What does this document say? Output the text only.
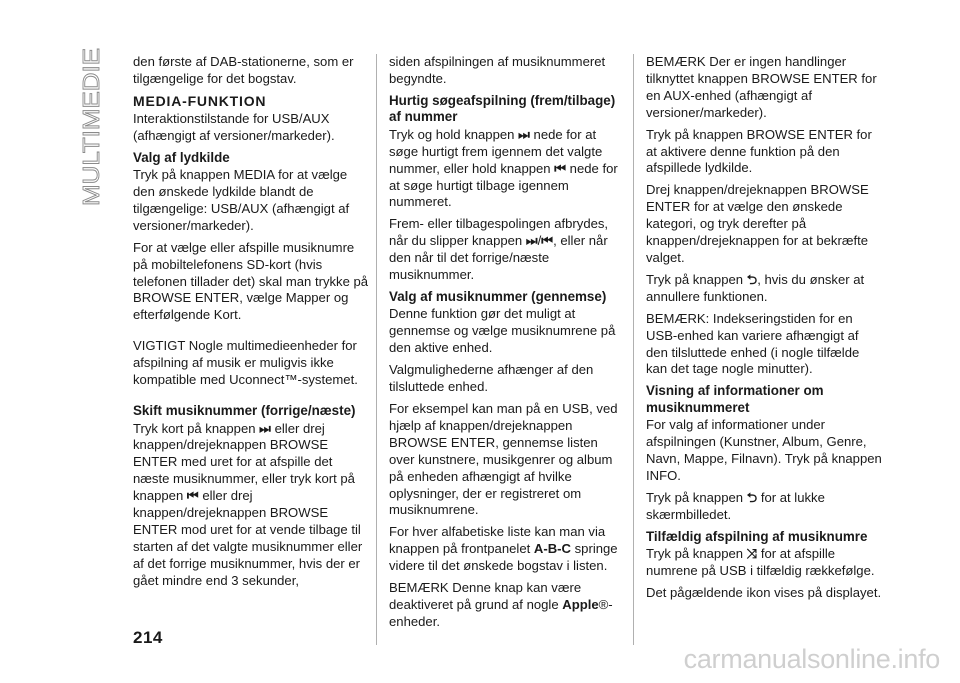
MULTIMEDIE

den første af DAB-stationerne, som er tilgængelige for det bogstav.

MEDIA-FUNKTION

Interaktionstilstande for USB/AUX (afhængigt af versioner/markeder).

Valg af lydkilde

Tryk på knappen MEDIA for at vælge den ønskede lydkilde blandt de tilgængelige: USB/AUX (afhængigt af versioner/markeder).

For at vælge eller afspille musiknumre på mobiltelefonens SD-kort (hvis telefonen tillader det) skal man trykke på BROWSE ENTER, vælge Mapper og efterfølgende Kort.

VIGTIGT Nogle multimedieenheder for afspilning af musik er muligvis ikke kompatible med Uconnect™-systemet.

Skift musiknummer (forrige/næste)

Tryk kort på knappen ⏭ eller drej knappen/drejeknappen BROWSE ENTER med uret for at afspille det næste musiknummer, eller tryk kort på knappen ⏮ eller drej knappen/drejeknappen BROWSE ENTER mod uret for at vende tilbage til starten af det valgte musiknummer eller af det forrige musiknummer, hvis der er gået mindre end 3 sekunder,

siden afspilningen af musiknummeret begyndte.

Hurtig søgeafspilning (frem/tilbage) af nummer

Tryk og hold knappen ⏭ nede for at søge hurtigt frem igennem det valgte nummer, eller hold knappen ⏮ nede for at søge hurtigt tilbage igennem nummeret.

Frem- eller tilbagespolingen afbrydes, når du slipper knappen ⏭/⏮, eller når den når til det forrige/næste musiknummer.

Valg af musiknummer (gennemse)

Denne funktion gør det muligt at gennemse og vælge musiknumrene på den aktive enhed.

Valgmulighederne afhænger af den tilsluttede enhed.

For eksempel kan man på en USB, ved hjælp af knappen/drejeknappen BROWSE ENTER, gennemse listen over kunstnere, musikgenrer og album på enheden afhængigt af hvilke oplysninger, der er registreret om musiknumrene.

For hver alfabetiske liste kan man via knappen på frontpanelet A-B-C springe videre til det ønskede bogstav i listen.

BEMÆRK Denne knap kan være deaktiveret på grund af nogle Apple®-enheder.

BEMÆRK Der er ingen handlinger tilknyttet knappen BROWSE ENTER for en AUX-enhed (afhængigt af versioner/markeder).

Tryk på knappen BROWSE ENTER for at aktivere denne funktion på den afspillede lydkilde.

Drej knappen/drejeknappen BROWSE ENTER for at vælge den ønskede kategori, og tryk derefter på knappen/drejeknappen for at bekræfte valget.

Tryk på knappen ⮌, hvis du ønsker at annullere funktionen.

BEMÆRK: Indekseringstiden for en USB-enhed kan variere afhængigt af den tilsluttede enhed (i nogle tilfælde kan det tage nogle minutter).

Visning af informationer om musiknummeret

For valg af informationer under afspilningen (Kunstner, Album, Genre, Navn, Mappe, Filnavn). Tryk på knappen INFO.

Tryk på knappen ⮌ for at lukke skærmbilledet.

Tilfældig afspilning af musiknumre

Tryk på knappen ⤨ for at afspille numrene på USB i tilfældig rækkefølge.

Det pågældende ikon vises på displayet.

214
carmanualsonline.info
